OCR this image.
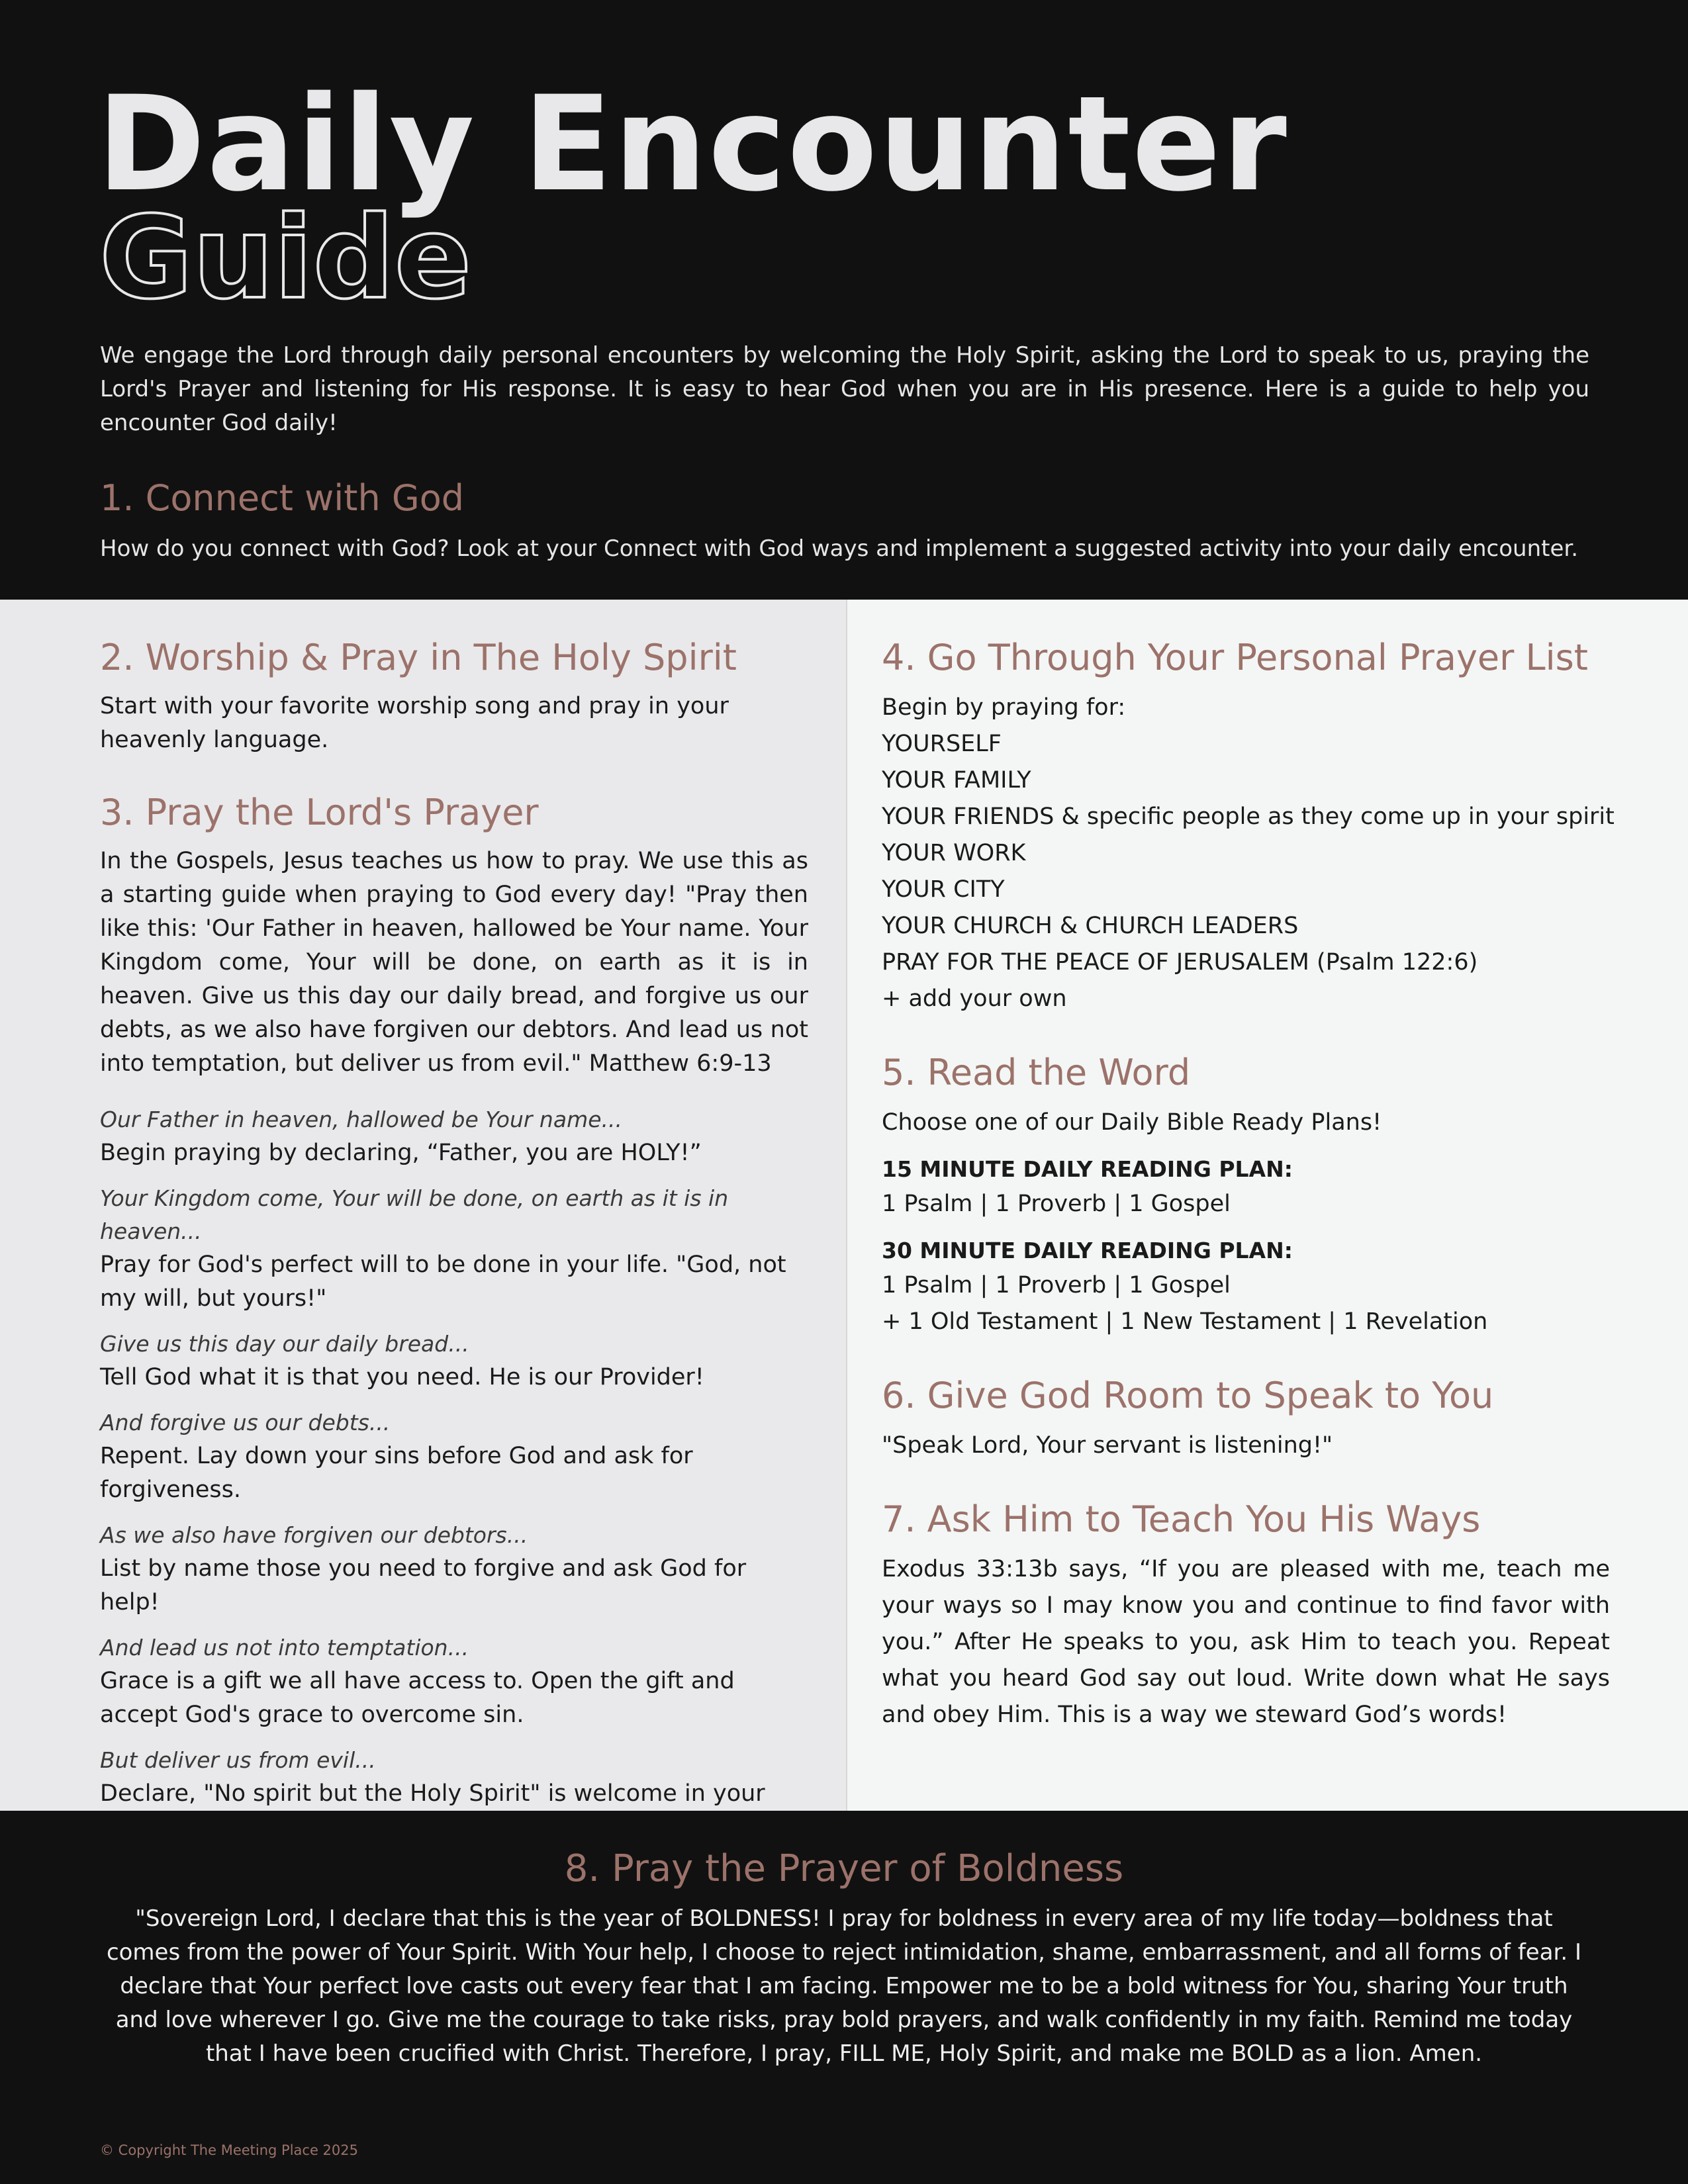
Daily Encounter
Guide

We engage the Lord through daily personal encounters by welcoming the Holy Spirit, asking the Lord to speak to us, praying the Lord's Prayer and listening for His response. It is easy to hear God when you are in His presence. Here is a guide to help you encounter God daily!

1. Connect with God

How do you connect with God? Look at your Connect with God ways and implement a suggested activity into your daily encounter.

2. Worship & Pray in The Holy Spirit

Start with your favorite worship song and pray in your heavenly language.

3. Pray the Lord's Prayer

In the Gospels, Jesus teaches us how to pray. We use this as a starting guide when praying to God every day! "Pray then like this: 'Our Father in heaven, hallowed be Your name. Your Kingdom come, Your will be done, on earth as it is in heaven. Give us this day our daily bread, and forgive us our debts, as we also have forgiven our debtors. And lead us not into temptation, but deliver us from evil." Matthew 6:9-13

Our Father in heaven, hallowed be Your name...

Begin praying by declaring, “Father, you are HOLY!”

Your Kingdom come, Your will be done, on earth as it is in heaven...

Pray for God's perfect will to be done in your life. "God, not my will, but yours!"

Give us this day our daily bread...

Tell God what it is that you need. He is our Provider!

And forgive us our debts...

Repent. Lay down your sins before God and ask for forgiveness.

As we also have forgiven our debtors...

List by name those you need to forgive and ask God for help!

And lead us not into temptation...

Grace is a gift we all have access to. Open the gift and accept God's grace to overcome sin.

But deliver us from evil...

Declare, "No spirit but the Holy Spirit" is welcome in your

4. Go Through Your Personal Prayer List

Begin by praying for:

YOURSELF

YOUR FAMILY

YOUR FRIENDS & specific people as they come up in your spirit

YOUR WORK

YOUR CITY

YOUR CHURCH & CHURCH LEADERS

PRAY FOR THE PEACE OF JERUSALEM (Psalm 122:6)

+ add your own

5. Read the Word

Choose one of our Daily Bible Ready Plans!

15 MINUTE DAILY READING PLAN:

1 Psalm | 1 Proverb | 1 Gospel

30 MINUTE DAILY READING PLAN:

1 Psalm | 1 Proverb | 1 Gospel

+ 1 Old Testament | 1 New Testament | 1 Revelation

6. Give God Room to Speak to You

"Speak Lord, Your servant is listening!"

7. Ask Him to Teach You His Ways

Exodus 33:13b says, “If you are pleased with me, teach me your ways so I may know you and continue to find favor with you.” After He speaks to you, ask Him to teach you. Repeat what you heard God say out loud. Write down what He says and obey Him. This is a way we steward God’s words!

8. Pray the Prayer of Boldness

"Sovereign Lord, I declare that this is the year of BOLDNESS! I pray for boldness in every area of my life today—boldness that comes from the power of Your Spirit. With Your help, I choose to reject intimidation, shame, embarrassment, and all forms of fear. I declare that Your perfect love casts out every fear that I am facing. Empower me to be a bold witness for You, sharing Your truth and love wherever I go. Give me the courage to take risks, pray bold prayers, and walk confidently in my faith. Remind me today that I have been crucified with Christ. Therefore, I pray, FILL ME, Holy Spirit, and make me BOLD as a lion. Amen.

© Copyright The Meeting Place 2025
